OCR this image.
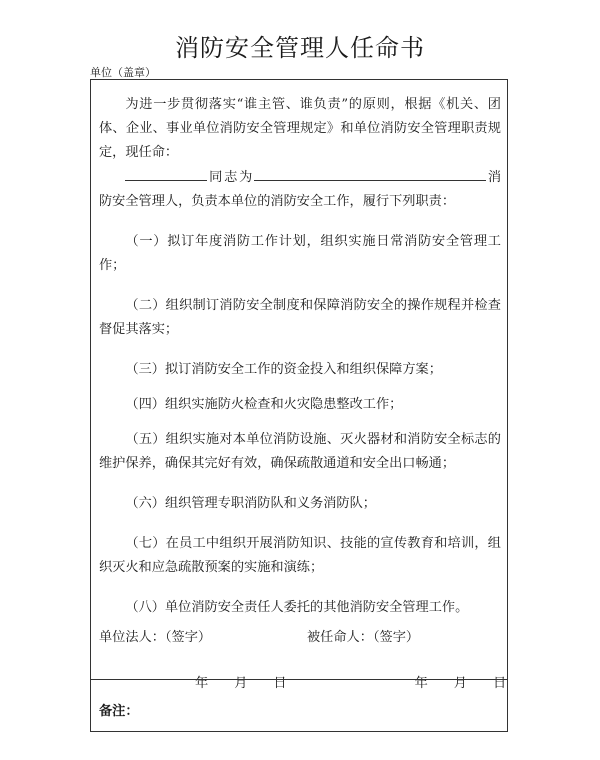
消防安全管理人任命书
单位（盖章）

为进一步贯彻落实“谁主管、谁负责”的原则，根据《机关、团体、企业、事业单位消防安全管理规定》和单位消防安全管理职责规定，现任命：

同志为	消防安全管理人，负责本单位的消防安全工作，履行下列职责：

（一）拟订年度消防工作计划，组织实施日常消防安全管理工作；

（二）组织制订消防安全制度和保障消防安全的操作规程并检查督促其落实；

（三）拟订消防安全工作的资金投入和组织保障方案；

（四）组织实施防火检查和火灾隐患整改工作；

（五）组织实施对本单位消防设施、灭火器材和消防安全标志的维护保养，确保其完好有效，确保疏散通道和安全出口畅通；

（六）组织管理专职消防队和义务消防队；

（七）在员工中组织开展消防知识、技能的宣传教育和培训，组织灭火和应急疏散预案的实施和演练；

（八）单位消防安全责任人委托的其他消防安全管理工作。

单位法人：（签字）	被任命人：（签字）
年 月 日	年 月 日
备注：
